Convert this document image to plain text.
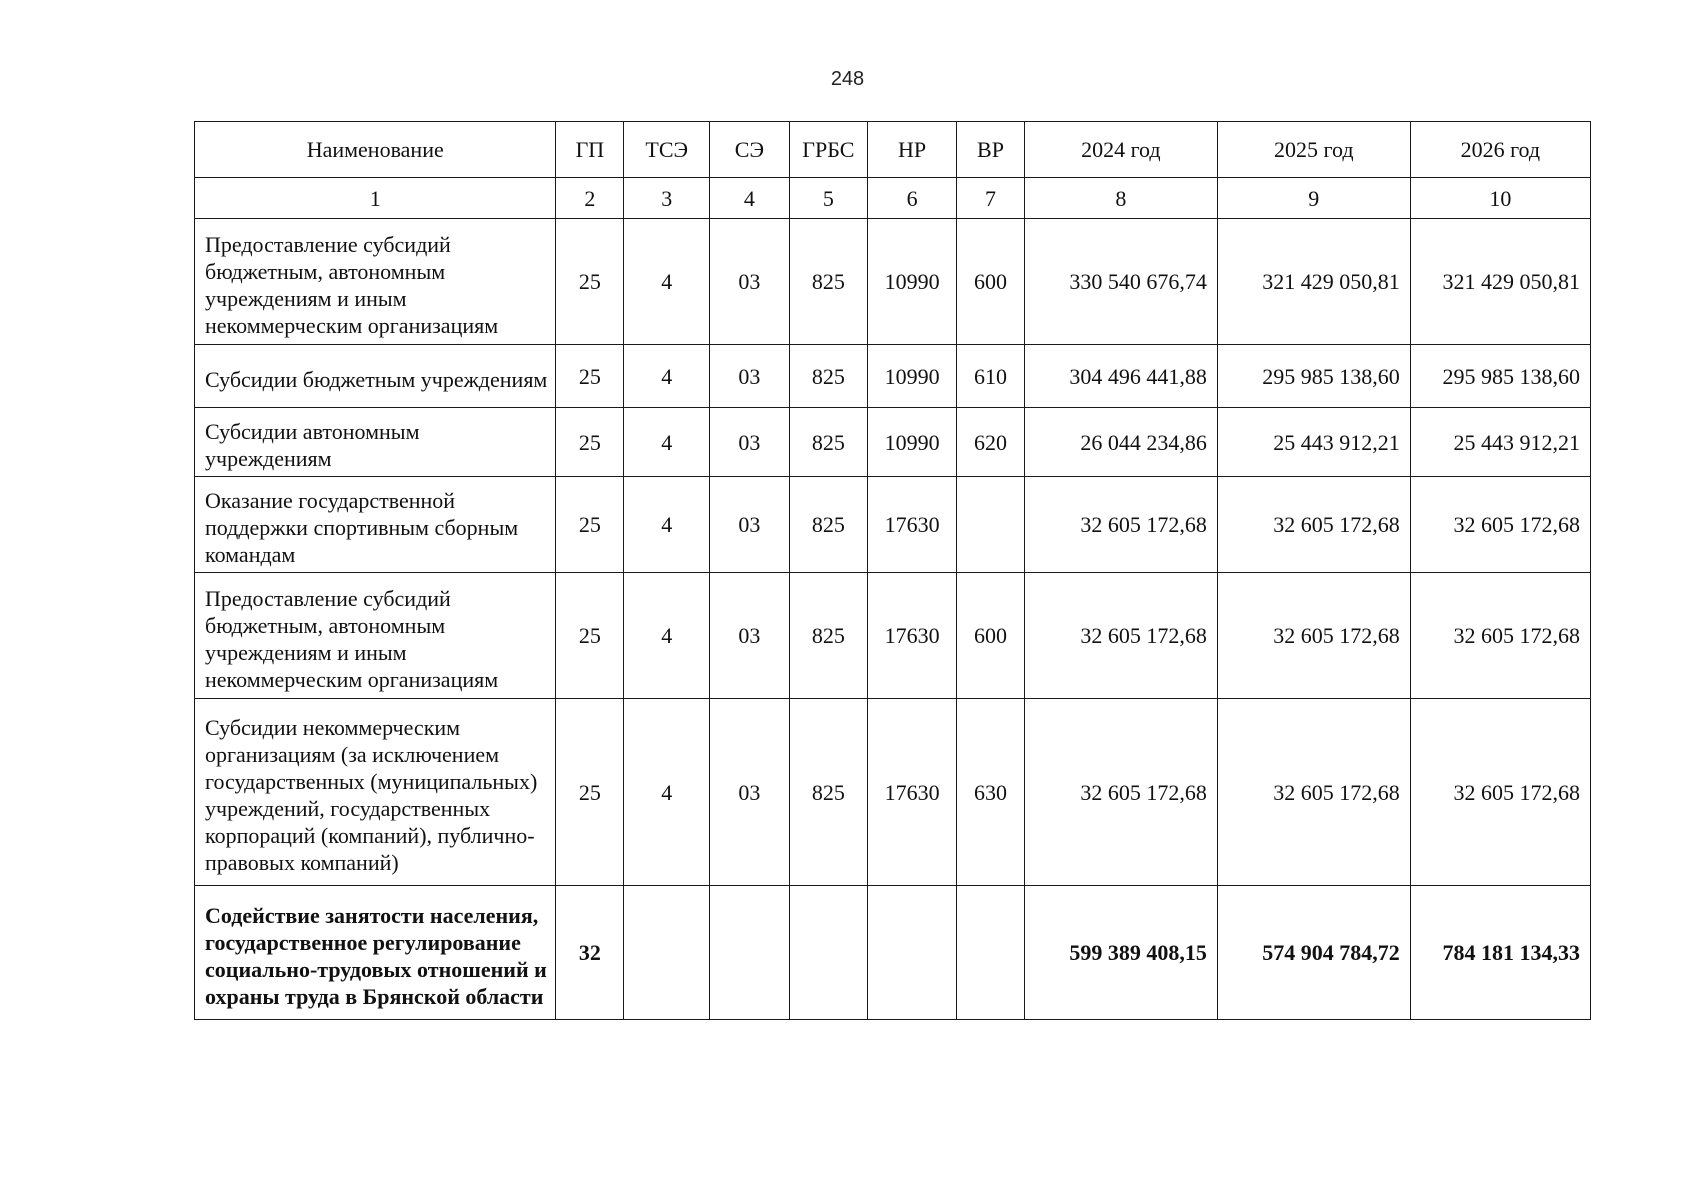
248
Наименование	ГП	ТСЭ	СЭ	ГРБС	НР	ВР	2024 год	2025 год	2026 год
1	2	3	4	5	6	7	8	9	10
Предоставление субсидий бюджетным, автономным учреждениям и иным некоммерческим организациям	25	4	03	825	10990	600	330 540 676,74	321 429 050,81	321 429 050,81
Субсидии бюджетным учреждениям	25	4	03	825	10990	610	304 496 441,88	295 985 138,60	295 985 138,60
Субсидии автономным учреждениям	25	4	03	825	10990	620	26 044 234,86	25 443 912,21	25 443 912,21
Оказание государственной поддержки спортивным сборным командам	25	4	03	825	17630		32 605 172,68	32 605 172,68	32 605 172,68
Предоставление субсидий бюджетным, автономным учреждениям и иным некоммерческим организациям	25	4	03	825	17630	600	32 605 172,68	32 605 172,68	32 605 172,68
Субсидии некоммерческим организациям (за исключением государственных (муниципальных) учреждений, государственных корпораций (компаний), публично-правовых компаний)	25	4	03	825	17630	630	32 605 172,68	32 605 172,68	32 605 172,68
Содействие занятости населения, государственное регулирование социально-трудовых отношений и охраны труда в Брянской области	32						599 389 408,15	574 904 784,72	784 181 134,33
